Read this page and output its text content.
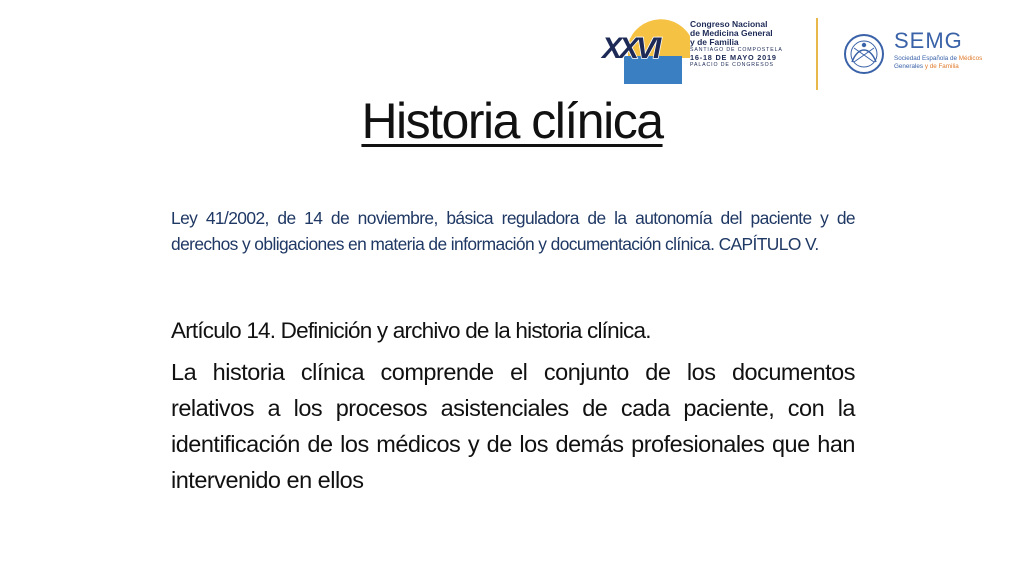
XXVI
Congreso Nacional
de Medicina General
y de Familia
SANTIAGO DE COMPOSTELA
16-18 DE MAYO 2019
PALACIO DE CONGRESOS
SEMG
Sociedad Española de Médicos
Generales y de Familia
Historia clínica

Ley 41/2002, de 14 de noviembre, básica reguladora de la autonomía del paciente y de derechos y obligaciones en materia de información y documentación clínica. CAPÍTULO V.

Artículo 14. Definición y archivo de la historia clínica.

La historia clínica comprende el conjunto de los documentos relativos a los procesos asistenciales de cada paciente, con la identificación de los médicos y de los demás profesionales que han intervenido en ellos
